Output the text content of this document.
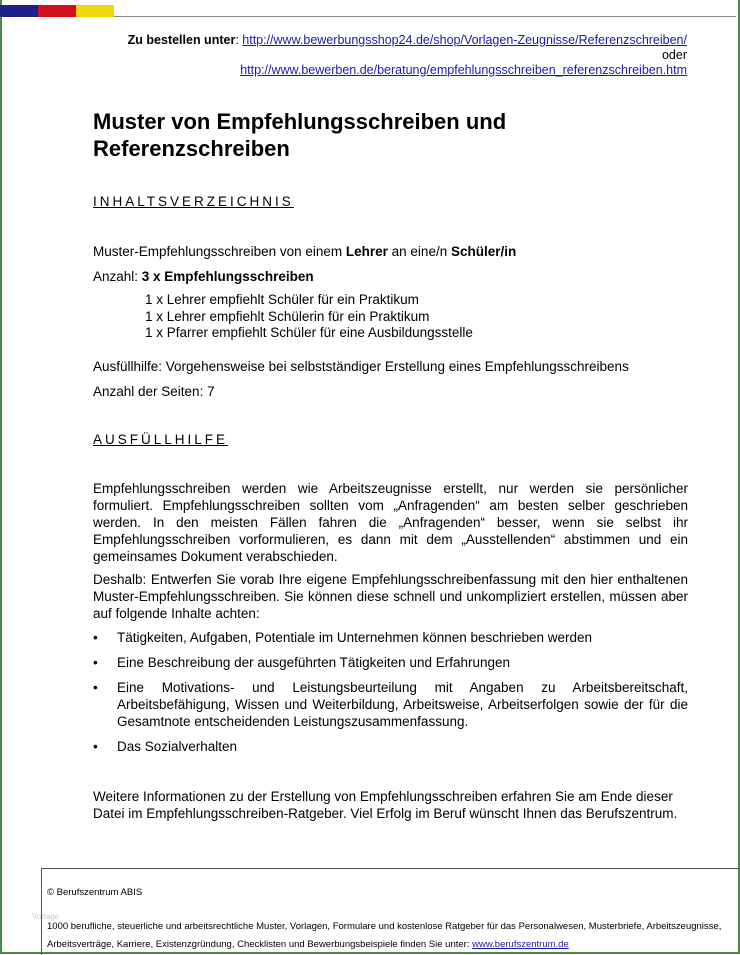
Zu bestellen unter: http://www.bewerbungsshop24.de/shop/Vorlagen-Zeugnisse/Referenzschreiben/
oder
http://www.bewerben.de/beratung/empfehlungsschreiben_referenzschreiben.htm
Muster von Empfehlungsschreiben und Referenzschreiben

INHALTSVERZEICHNIS

Muster-Empfehlungsschreiben von einem Lehrer an eine/n Schüler/in

Anzahl: 3 x Empfehlungsschreiben

1 x Lehrer empfiehlt Schüler für ein Praktikum
1 x Lehrer empfiehlt Schülerin für ein Praktikum
1 x Pfarrer empfiehlt Schüler für eine Ausbildungsstelle

Ausfüllhilfe: Vorgehensweise bei selbstständiger Erstellung eines Empfehlungsschreibens

Anzahl der Seiten: 7

AUSFÜLLHILFE

Empfehlungsschreiben werden wie Arbeitszeugnisse erstellt, nur werden sie persönlicher formuliert. Empfehlungsschreiben sollten vom „Anfragenden“ am besten selber geschrieben werden. In den meisten Fällen fahren die „Anfragenden“ besser, wenn sie selbst ihr Empfehlungsschreiben vorformulieren, es dann mit dem „Ausstellenden“ abstimmen und ein gemeinsames Dokument verabschieden.

Deshalb: Entwerfen Sie vorab Ihre eigene Empfehlungsschreibenfassung mit den hier enthaltenen Muster-Empfehlungsschreiben. Sie können diese schnell und unkompliziert erstellen, müssen aber auf folgende Inhalte achten:

• Tätigkeiten, Aufgaben, Potentiale im Unternehmen können beschrieben werden
• Eine Beschreibung der ausgeführten Tätigkeiten und Erfahrungen
• Eine Motivations- und Leistungsbeurteilung mit Angaben zu Arbeitsbereitschaft, Arbeitsbefähigung, Wissen und Weiterbildung, Arbeitsweise, Arbeitserfolgen sowie der für die Gesamtnote entscheidenden Leistungszusammenfassung.
• Das Sozialverhalten

Weitere Informationen zu der Erstellung von Empfehlungsschreiben erfahren Sie am Ende dieser Datei im Empfehlungsschreiben-Ratgeber. Viel Erfolg im Beruf wünscht Ihnen das Berufszentrum.

© Berufszentrum ABIS
Vorlage
1000 berufliche, steuerliche und arbeitsrechtliche Muster, Vorlagen, Formulare und kostenlose Ratgeber für das Personalwesen, Musterbriefe, Arbeitszeugnisse, Arbeitsverträge, Karriere, Existenzgründung, Checklisten und Bewerbungsbeispiele finden Sie unter: www.berufszentrum.de
